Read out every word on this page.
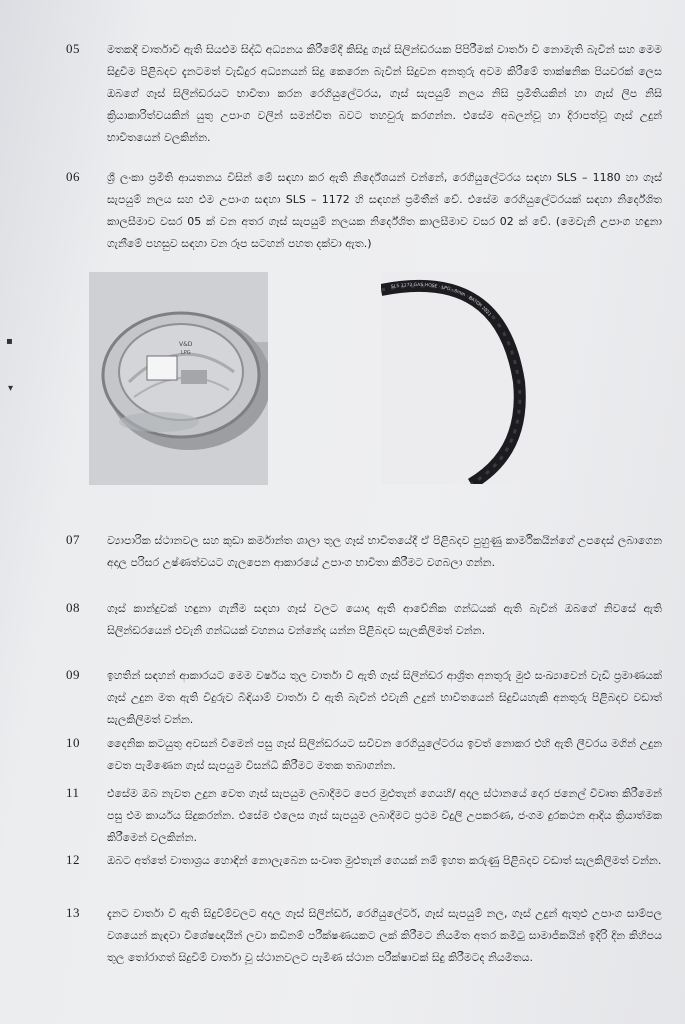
05	මතකදී වාර්තාවී ඇති සියළුම සිද්ධි අධ්‍යනය කිරීමේදී කිසිදු ගෑස් සිලින්ඩරයක පිපිරීමක් වාර්තා වී නොමැති බැවින් සහ මෙම සිදුවීම පිළිබදව දැනටමත් වැඩිදුර අධ්‍යනයන් සිදු කෙරෙන බැවින් සිදුවන අනතුරු අවම කිරීමේ තාක්ෂනික පියවරක් ලෙස ඔබගේ ගෑස් සිලින්ඩරයට භාවිතා කරන රෙගියුලේටරය, ගෑස් සැපයුම් නලය නිසි ප්‍රමිතියකින් හා ගෑස් ලිප නිසි ක්‍රියාකාරිත්වයකින් යුතු උපාංග වලින් සමන්විත බවට තහවුරු කරගන්න. එසේම අබලන්වූ හා දිරාපත්වූ ගෑස් උදුන් භාවිතයෙන් වලකින්න.
06	ශ්‍රී ලංකා ප්‍රමිති ආයතනය විසින් මේ සඳහා කර ඇති නිර්දේශයන් වන්නේ, රෙගියුලේටරය සඳහා SLS – 1180 හා ගෑස් සැපයුම් නලය සහ එම උපාංග සඳහා SLS – 1172 හි සඳහන් ප්‍රමිතීන් වේ. එසේම රෙගියුලේටරයක් සඳහා නිර්දේශිත කාලසීමාව වසර 05 ක් වන අතර ගෑස් සැපයුම් නලයක නිර්දේශිත කාලසීමාව වසර 02 ක් වේ. (මෙවැනි උපාංග හඳුනා ගැනීමේ පහසුව සඳහා වන රූප සටහන් පහත දක්වා ඇත.)
V&D
LPG
SLS 1172 GAS HOSE · LPG · 8mm · BATCH 2021
▪
▾
07	ව්‍යාපාරික ස්ථානවල සහ කුඩා කර්මාන්ත ශාලා තුල ගෑස් භාවිතයේදී ඒ පිළිබදව පුහුණු කාර්මිකයින්ගේ උපදෙස් ලබාගෙන අදාල පරිසර උෂ්ණත්වයට ගැලපෙන ආකාරයේ උපාංග භාවිතා කිරීමට වගබලා ගන්න.
08	ගෑස් කාන්දුවක් හඳුනා ගැනීම සඳහා ගෑස් වලට යොදා ඇති ආවේනික ගන්ධයක් ඇති බැවින් ඔබගේ නිවසේ ඇති සිලින්ඩරයෙන් එවැනි ගන්ධයක් වහනය වන්නේද යන්න පිළිබදව සැලකිලිමත් වන්න.
09	ඉහතින් සඳහන් ආකාරයට මෙම වර්ෂය තුල වාර්තා වී ඇති ගෑස් සිලින්ඩර ආශ්‍රිත අනතුරු මුළු සංඛ්‍යාවෙන් වැඩි ප්‍රමාණයක් ගෑස් උදුන මත ඇති වීදුරුව බිඳියාම් වාර්තා වී ඇති බැවින් එවැනි උදුන් භාවිතයෙන් සිදුවියහැකි අනතුරු පිළිබදව වඩාත් සැලකිලිමත් වන්න.
10	දෛනික කටයුතු අවසන් වීමෙන් පසු ගෑස් සිලින්ඩරයට සවිවන රෙගියුලේටරය ඉවත් නොකර එහි ඇති ලීවරය මගින් උදුන වෙත පැමිණෙන ගෑස් සැපයුම විසන්ධි කිරීමට මතක තබාගන්න.
11	එසේම ඔබ නැවත උදුන වෙත ගෑස් සැපයුම ලබාදීමට පෙර මුළුතැන් ගෙයහි/ අදාල ස්ථානයේ දොර ජනෙල් විවෘත කිරීමෙන් පසු එම කාර්යය සිදුකරන්න. එසේම එලෙස ගෑස් සැපයුම ලබාදීමට ප්‍රථම විදුලි උපකරණ, ජංගම දුරකථන ආදිය ක්‍රියාත්මක කිරීමෙන් වලකින්න.
12	ඔබට අත්තේ වාතාශ්‍රය හොඳින් නොලැබෙන සංවෘත මුළුතැන් ගෙයක් නම් ඉහත කරුණු පිළිබදව වඩාත් සැලකිලිමත් වන්න.
13	දැනට වාර්තා වී ඇති සිදුවීම්වලට අදාල ගෑස් සිලින්ඩර්, රෙගියුලේටර්, ගෑස් සැපයුම් නල, ගෑස් උදුන් ඇතුළු උපාංග සාම්පල වශයෙන් කැඳවා විශේෂඥයින් ලවා කඩිනම් පරීක්ෂණයකට ලක් කිරීමට නියමිත අතර කමිටු සාමාජිකයින් ඉදිරි දින කිහිපය තුල තෝරාගත් සිදුවීම් වාර්තා වූ ස්ථානවලට පැමිණ ස්ථාන පරීක්ෂාවක් සිදු කිරීමටද නියමිතය.
